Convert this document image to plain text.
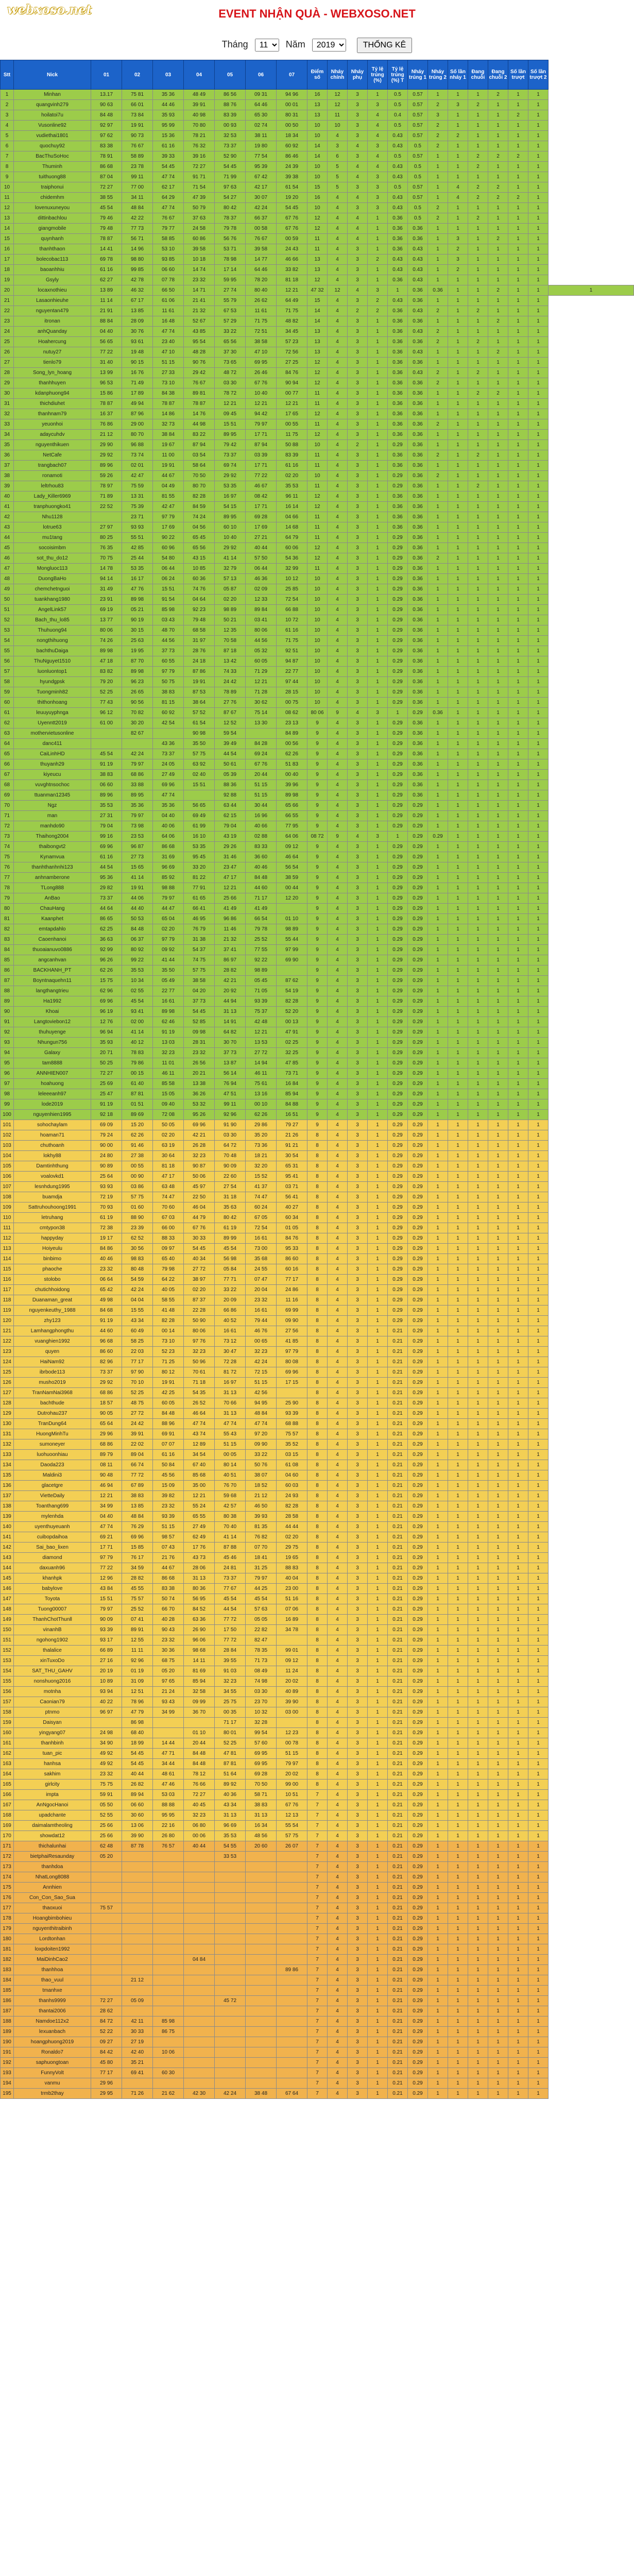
webxoso.net	EVENT NHẬN QUÀ - WEBXOSO.NET
Tháng
11	Năm
2019	THỐNG KÊ
Stt	Nick	01	02	03	04	05	06	07	Điểm số	Nháy chính	Nháy phụ	Tỷ lệ trúng (%)	Tỷ lệ trúng (%) T	Nháy trúng 1	Nháy trúng 2	Số lần nháy 1	Đang chuỗi	Đang chuỗi 2	Số lần trượt	Số lần trượt 2	
1	Minhan	13.17	75 81	35 36	48 49	86 56	09 31	94 96	16	12	3	1	0.5	0.57	1	1	1	2	1	1	
2	quangvinh279	90 63	66 01	44 46	39 91	88 76	64 46	00 01	13	12	3	3	0.5	0.57	2	3	2	1	1	1	
3	hoilatoi7u	84 48	73 84	35 93	40 98	83 39	65 30	80 31	13	11	3	4	0.4	0.57	3	1	1	1	2	1	
4	Vusonline92	92 97	19 91	95 99	70 80	00 93	02 74	00 50	10	10	3	4	0.5	0.57	2	1	1	1	1	1	
5	vudiethai1801	97 62	90 73	15 36	78 21	32 53	38 11	18 34	10	4	3	4	0.43	0.57	2	2	1	1	1	1	
6	quochuy92	83 38	76 67	61 16	76 32	73 37	19 80	60 92	14	3	4	3	0.43	0.5	2	1	1	1	1	1	
7	BacThuSoHoc	78 91	58 89	39 33	39 16	52 90	77 54	86 46	14	6	3	4	0.5	0.57	1	1	2	2	2	1	
8	Thuminh	86 68	23 78	54 45	72 27	54 45	95 39	24 39	10	5	4	4	0.43	0.5	1	1	2	1	1	1	
9	tuithuong88	87 04	99 11	47 74	91 71	71 99	67 42	39 38	10	5	4	3	0.43	0.5	1	1	1	1	1	1	
10	traiphonui	72 27	77 00	62 17	71 54	97 63	42 17	61 54	15	5	3	3	0.5	0.57	1	4	2	2	1	1	
11	chidemhm	38 55	34 11	64 29	47 39	54 27	30 07	19 20	16	4	4	3	0.43	0.57	1	4	2	2	2	1	
12	lovenuxuneyou	45 54	48 84	47 74	50 79	80 42	42 24	54 45	10	4	3	3	0.43	0.5	2	1	1	1	1	1	
13	dittinbachlou	79 46	42 22	76 67	37 63	78 37	66 37	67 76	12	4	4	1	0.36	0.5	2	1	2	1	1	1	
14	giangmobile	79 48	77 73	79 77	24 58	79 78	00 58	67 76	12	4	4	1	0.36	0.36	1	1	1	1	1	1	
15	quynhanh	78 87	56 71	58 85	60 86	56 76	76 67	00 59	11	4	4	1	0.36	0.36	1	3	1	2	1	1	
16	thanhthaon	14 41	14 96	53 10	39 58	53 71	39 58	24 43	11	4	3	1	0.36	0.43	1	2	1	1	1	1	
17	bolecobac113	69 78	98 80	93 85	10 18	78 98	14 77	46 66	13	4	3	2	0.43	0.43	1	3	1	1	1	1	
18	baoanhhiu	61 16	99 85	06 60	14 74	17 14	64 46	33 82	13	4	3	1	0.43	0.43	1	2	1	1	1	1	
19	Gsyly	62 27	42 78	07 78	23 32	59 95	78 20	81 18	12	4	3	1	0.36	0.43	1	1	1	1	1	1	
20	locaxnothieu	13 89	46 32	66 50	14 71	27 74	80 40	12 21	47 32	12	4	3	1	0.36	0.36	1	1	2	1	1	1
21	Lasaonhieuhe	11 14	67 17	61 06	21 41	55 79	26 62	64 49	15	4	3	2	0.43	0.36	1	1	1	1	1	1	
22	nguyentan479	21 91	13 85	11 61	21 32	67 53	11 61	71 75	14	4	2	2	0.36	0.43	2	1	2	1	1	1	
23	itronan	88 84	28 09	16 48	52 67	57 29	71 75	48 82	14	4	3	1	0.36	0.36	1	1	1	2	1	1	
24	anhQuanday	04 40	30 76	47 74	43 85	33 22	72 51	34 45	13	4	3	1	0.36	0.43	2	1	1	1	1	1	
25	Hoahercung	56 65	93 61	23 40	95 54	65 56	38 58	57 23	13	4	3	1	0.36	0.36	2	1	2	1	1	1	
26	nutuy27	77 22	19 48	47 10	48 28	37 30	47 10	72 56	13	4	3	1	0.36	0.43	1	1	1	2	1	1	
27	tienlo79	31 40	90 15	51 15	90 76	73 65	69 95	27 25	12	4	3	1	0.36	0.36	1	1	1	1	1	1	
28	Song_lyn_hoang	13 99	16 76	27 33	29 42	48 72	26 46	84 76	12	4	3	1	0.36	0.43	2	1	2	1	1	1	
29	thanhhuyen	96 53	71 49	73 10	76 67	03 30	67 76	90 94	12	4	3	1	0.36	0.36	2	1	1	1	1	1	
30	kdanphuong94	15 86	17 89	84 38	89 81	78 72	10 40	00 77	11	4	3	1	0.36	0.36	1	1	2	2	1	1	
31	thichdiuhet	78 87	49 94	78 87	78 87	12 21	12 21	12 21	11	4	3	1	0.36	0.36	1	1	1	1	1	1	
32	thanhnam79	16 37	87 96	14 86	14 76	09 45	94 42	17 65	12	4	3	1	0.36	0.36	1	1	1	1	1	1	
33	yeuonhoi	76 86	29 00	32 73	44 98	15 51	79 97	00 55	11	4	3	1	0.36	0.36	2	1	1	1	1	1	
34	adaycuhdv	21 12	80 70	38 84	83 22	89 95	17 71	11 75	12	4	3	1	0.36	0.36	1	1	1	1	1	1	
35	nguyenthikuen	29 90	96 88	19 67	87 94	79 42	87 94	50 88	10	4	2	1	0.29	0.36	1	1	1	1	1	1	
36	NetCafe	29 92	73 74	11 00	03 54	73 37	03 39	83 39	11	4	3	1	0.36	0.36	2	1	2	1	1	1	
37	trangbach07	89 96	02 01	19 91	58 64	69 74	17 71	61 16	11	4	3	1	0.36	0.36	1	1	1	1	1	1	
38	ronamoti	59 26	42 47	44 67	70 50	29 92	77 22	02 20	10	4	3	1	0.29	0.36	2	1	1	1	1	1	
39	leltrhou83	78 97	75 59	04 49	80 70	53 35	46 67	35 53	11	4	3	1	0.29	0.36	1	1	2	1	1	1	
40	Lady_Killer6969	71 89	13 31	81 55	82 28	16 97	08 42	96 11	12	4	3	1	0.36	0.36	1	1	1	1	1	1	
41	tranphuongko41	22 52	75 39	42 47	84 59	54 15	17 71	16 14	12	4	3	1	0.36	0.36	1	1	1	1	1	1	
42	Nhu1128		23 71	97 79	74 24	89 95	69 28	04 66	11	4	3	1	0.36	0.36	1	1	1	1	1	1	
43	lotrue63	27 97	93 93	17 69	04 56	60 10	17 69	14 68	11	4	3	1	0.36	0.36	1	1	1	1	1	1	
44	mu1tang	80 25	55 51	90 22	65 45	10 40	27 21	64 79	11	4	3	1	0.29	0.36	1	1	1	1	1	1	
45	socoisimbm	76 35	42 85	60 96	65 56	29 92	40 44	60 06	12	4	3	1	0.29	0.36	1	1	1	1	1	1	
46	sot_thu_do12	70 75	25 44	54 80	43 15	41 14	57 50	54 36	12	4	3	1	0.29	0.36	2	1	1	1	1	1	
47	Mongluoc113	14 78	53 35	06 44	10 85	32 79	06 44	32 99	11	4	3	1	0.29	0.36	1	1	1	1	1	1	
48	DuongBaHo	94 14	16 17	06 24	60 36	57 13	46 36	10 12	10	4	3	1	0.29	0.36	1	1	1	1	1	1	
49	chemchetnguoi	31 49	47 76	15 51	74 76	05 87	02 09	25 85	10	4	3	1	0.29	0.36	1	1	1	1	1	1	
50	tuankhang1980	23 91	89 98	91 54	04 64	02 20	12 33	72 54	10	4	3	1	0.29	0.36	1	1	1	1	1	1	
51	AngelLink57	69 19	05 21	85 98	92 23	98 89	89 84	66 88	10	4	3	1	0.29	0.36	1	1	1	1	1	1	
52	Bach_thu_lo85	13 77	90 19	03 43	79 48	50 21	03 41	10 72	10	4	3	1	0.29	0.36	1	1	1	1	1	1	
53	Thuhuong94	80 06	30 15	48 70	68 58	12 35	80 06	61 16	10	4	3	1	0.29	0.36	1	1	1	1	1	1	
54	nongthihuong	74 26	25 63	44 56	31 97	70 58	44 56	71 75	10	4	3	1	0.29	0.36	1	1	1	1	1	1	
55	bachthuDaiga	89 98	19 95	37 73	28 76	87 18	05 32	92 51	10	4	3	1	0.29	0.36	1	1	1	1	1	1	
56	ThuNguyet1510	47 18	87 70	60 55	24 18	13 42	60 05	94 87	10	4	3	1	0.29	0.36	1	1	1	1	1	1	
57	luonluontop1	83 82	89 98	97 79	87 86	74 33	71 29	22 77	10	4	3	1	0.29	0.36	1	1	1	1	1	1	
58	hyundgpsk	79 20	96 23	50 75	19 91	24 42	12 21	97 44	10	4	3	1	0.29	0.36	1	1	1	1	1	1	
59	Tuongminh82	52 25	26 65	38 83	87 53	78 89	71 28	28 15	10	4	3	1	0.29	0.36	1	1	1	1	1	1	
60	thithonhoang	77 43	90 56	81 15	38 64	27 76	30 62	00 75	10	4	3	1	0.29	0.36	1	1	1	1	1	1	
61	leuuyuyphnga	96 12	70 82	60 92	57 52	87 67	75 14	08 62	80 06	9	4	3	1	0.29	0.36	1	1	1	1	1	
62	Uyenntt2019	61 00	30 20	42 54	61 54	12 52	13 30	23 13	9	4	3	1	0.29	0.36	1	1	1	1	1	1	
63	mothervietusonline		82 67		90 98	59 54		84 89	9	4	3	1	0.29	0.36	1	1	1	1	1	1	
64	danc411			43 36	35 50	39 49	84 28	00 56	9	4	3	1	0.29	0.36	1	1	1	1	1	1	
65	CaiLinhHD	45 54	42 24	73 37	57 75	44 54	69 24	62 26	9	4	3	1	0.29	0.36	1	1	1	1	1	1	
66	thuyanh29	91 19	79 97	24 05	63 92	50 61	67 76	51 83	9	4	3	1	0.29	0.36	1	1	1	1	1	1	
67	kiyeucu	38 83	68 86	27 49	02 40	05 39	20 44	00 40	9	4	3	1	0.29	0.36	1	1	1	1	1	1	
68	vuvghtnsochoc	06 60	33 88	69 96	15 51	88 36	51 15	39 96	9	4	3	1	0.29	0.36	1	1	1	1	1	1	
69	ttuanman12345	89 96	89 95	47 74		92 88	51 15	89 98	9	4	3	1	0.29	0.36	1	1	1	1	1	1	
70	Ngz	35 53	35 36	35 36	56 65	63 44	30 44	65 66	9	4	3	1	0.29	0.29	1	1	1	1	1	1	
71	man	27 31	79 97	04 40	69 49	62 15	16 96	66 55	9	4	3	1	0.29	0.29	1	1	1	1	1	1	
72	manhdo90	79 04	73 98	40 06	61 99	79 04	40 66	77 95	9	4	3	1	0.29	0.29	1	1	1	1	1	1	
73	Thaihong2004	99 16	23 53	64 06	16 10	43 19	02 88	64 06	08 72	9	4	3	1	0.29	0.29	1	1	1	1	1	
74	thaibongvt2	69 96	96 87	86 68	53 35	29 26	83 33	09 12	9	4	3	1	0.29	0.29	1	1	1	1	1	1	
75	Kynamvua	61 16	27 73	31 69	95 45	31 46	36 60	46 64	9	4	3	1	0.29	0.29	1	1	1	1	1	1	
76	thanhthanhnhi123	44 54	15 65	96 69	33 20	23 47	40 46	56 54	9	4	3	1	0.29	0.29	1	1	1	1	1	1	
77	anhnamberone	95 36	41 14	85 92	81 22	47 17	84 48	38 59	9	4	3	1	0.29	0.29	1	1	1	1	1	1	
78	TLong888	29 82	19 91	98 88	77 91	12 21	44 60	00 44	9	4	3	1	0.29	0.29	1	1	1	1	1	1	
79	AnBao	73 37	44 06	79 97	61 65	25 66	71 17	12 20	9	4	3	1	0.29	0.29	1	1	1	1	1	1	
80	ChauHang	44 64	44 40	44 47	66 41	41 49	41 49		9	4	3	1	0.29	0.29	1	1	1	1	1	1	
81	Kaanphet	86 65	50 53	65 04	46 95	96 86	66 54	01 10	9	4	3	1	0.29	0.29	1	1	1	1	1	1	
82	emtapdahlo	62 25	84 48	02 20	76 79	11 46	79 78	98 89	9	4	3	1	0.29	0.29	1	1	1	1	1	1	
83	Caoenhanoi	36 63	06 37	97 79	31 38	21 32	25 52	55 44	9	4	3	1	0.29	0.29	1	1	1	1	1	1	
84	thuoaianuvo0886	92 99	80 92	09 92	54 37	37 41	77 55	97 99	9	4	3	1	0.29	0.29	1	1	1	1	1	1	
85	angcanhvan	96 26	99 22	41 44	74 75	86 97	92 22	69 90	9	4	3	1	0.29	0.29	1	1	1	1	1	1	
86	BACKHANH_PT	62 26	35 53	35 50	57 75	28 82	98 89		9	4	3	1	0.29	0.29	1	1	1	1	1	1	
87	Boyntnaquehn11	15 75	10 34	05 49	38 58	42 21	05 45	87 62	9	4	3	1	0.29	0.29	1	1	1	1	1	1	
88	langthangtrieu	62 96	02 55	22 77	04 20	20 92	71 05	54 19	9	4	3	1	0.29	0.29	1	1	1	1	1	1	
89	Ha1992	69 96	45 54	16 61	37 73	44 94	93 39	82 28	9	4	3	1	0.29	0.29	1	1	1	1	1	1	
90	Khoai	96 19	93 41	89 98	54 45	31 13	75 37	52 20	9	4	3	1	0.29	0.29	1	1	1	1	1	1	
91	Langtoviebon12	12 76	02 00	62 46	52 85	14 91	42 48	00 13	9	4	3	1	0.29	0.29	1	1	1	1	1	1	
92	thuhuyenge	96 94	41 14	91 19	09 98	64 82	12 21	47 91	9	4	3	1	0.29	0.29	1	1	1	1	1	1	
93	Nhungun756	35 93	40 12	13 03	28 31	30 70	13 53	02 25	9	4	3	1	0.29	0.29	1	1	1	1	1	1	
94	Galaxy	20 71	78 83	32 23	23 32	37 73	27 72	32 25	9	4	3	1	0.29	0.29	1	1	1	1	1	1	
95	tam8888	50 25	79 86	11 01	26 56	13 87	14 94	47 85	9	4	3	1	0.29	0.29	1	1	1	1	1	1	
96	ANNHIEN007	72 27	00 15	46 11	20 21	56 14	46 11	73 71	9	4	3	1	0.29	0.29	1	1	1	1	1	1	
97	hoahuong	25 69	61 40	85 58	13 38	76 94	75 61	16 84	9	4	3	1	0.29	0.29	1	1	1	1	1	1	
98	leleeeanh97	25 47	87 81	15 05	36 26	47 51	13 16	85 94	9	4	3	1	0.29	0.29	1	1	1	1	1	1	
99	lode2019	91 19	01 51	09 40	53 32	99 11	00 10	84 88	9	4	3	1	0.29	0.29	1	1	1	1	1	1	
100	nguyenhien1995	92 18	89 69	72 08	95 26	92 96	62 26	16 51	9	4	3	1	0.29	0.29	1	1	1	1	1	1	
101	sohochaylam	69 09	15 20	50 05	69 96	91 90	29 86	79 27	9	4	3	1	0.29	0.29	1	1	1	1	1	1	
102	hoaman71	79 24	62 26	02 20	42 21	03 30	35 20	21 26	8	4	3	1	0.29	0.29	1	1	1	1	1	1	
103	chuthoanh	90 00	91 46	63 19	26 28	64 72	73 36	91 21	8	4	3	1	0.29	0.29	1	1	1	1	1	1	
104	lokhy88	24 80	27 38	30 64	32 23	70 48	18 21	30 54	8	4	3	1	0.29	0.29	1	1	1	1	1	1	
105	Damtinhthung	90 89	00 55	81 18	90 87	90 09	32 20	65 31	8	4	3	1	0.29	0.29	1	1	1	1	1	1	
106	voalovkd1	25 64	00 90	47 17	50 06	22 60	15 52	95 41	8	4	3	1	0.29	0.29	1	1	1	1	1	1	
107	lesnhdung1995	93 93	03 86	63 48	45 97	27 54	41 37	03 71	8	4	3	1	0.29	0.29	1	1	1	1	1	1	
108	buamdja	72 19	57 75	74 47	22 50	31 18	74 47	56 41	8	4	3	1	0.29	0.29	1	1	1	1	1	1	
109	Sattruhouhoong1991	70 93	01 60	70 60	46 04	35 63	60 24	40 27	8	4	3	1	0.29	0.29	1	1	1	1	1	1	
110	letruhang	61 19	88 90	67 03	44 79	80 42	67 05	60 34	8	4	3	1	0.29	0.29	1	1	1	1	1	1	
111	cmtypon38	72 38	23 39	66 00	67 76	61 19	72 54	01 05	8	4	3	1	0.29	0.29	1	1	1	1	1	1	
112	happyday	19 17	62 52	88 33	30 33	89 99	16 61	84 76	8	4	3	1	0.29	0.29	1	1	1	1	1	1	
113	Hoiyeulu	84 86	30 56	09 97	54 45	45 54	73 00	95 33	8	4	3	1	0.29	0.29	1	1	1	1	1	1	
114	binbimo	40 46	98 83	65 40	40 34	56 98	35 68	86 60	8	4	3	1	0.29	0.29	1	1	1	1	1	1	
115	phaoche	23 32	80 48	79 98	27 72	05 84	24 55	60 16	8	4	3	1	0.29	0.29	1	1	1	1	1	1	
116	stolobo	06 64	54 59	64 22	38 97	77 71	07 47	77 17	8	4	3	1	0.29	0.29	1	1	1	1	1	1	
117	chutichhoidong	65 42	42 24	40 05	02 20	33 22	20 04	24 86	8	4	3	1	0.29	0.29	1	1	1	1	1	1	
118	Duanaman_great	49 98	04 04	58 55	87 37	20 09	23 32	11 16	8	4	3	1	0.29	0.29	1	1	1	1	1	1	
119	nguyenkeuthy_1988	84 68	15 55	41 48	22 28	66 86	16 61	69 99	8	4	3	1	0.29	0.29	1	1	1	1	1	1	
120	zhy123	91 19	43 34	82 28	50 90	40 52	79 44	09 90	8	4	3	1	0.29	0.29	1	1	1	1	1	1	
121	Lamhangphongthu	44 60	60 49	00 14	80 06	16 61	46 76	27 56	8	4	3	1	0.21	0.29	1	1	1	1	1	1	
122	vuanghien1992	96 68	58 25	73 10	97 76	73 12	00 65	41 85	8	4	3	1	0.21	0.29	1	1	1	1	1	1	
123	quyen	86 60	22 03	52 23	32 23	30 47	32 23	97 79	8	4	3	1	0.21	0.29	1	1	1	1	1	1	
124	HaiNam92	82 96	77 17	71 25	50 96	72 28	42 24	80 08	8	4	3	1	0.21	0.29	1	1	1	1	1	1	
125	ibrbode113	73 37	97 90	80 12	70 61	81 72	72 15	69 96	8	4	3	1	0.21	0.29	1	1	1	1	1	1	
126	musho2019	29 92	70 10	19 91	71 18	16 97	51 15	17 15	8	4	3	1	0.21	0.29	1	1	1	1	1	1	
127	TranNamNai3968	68 86	52 25	42 25	54 35	31 13	42 56		8	4	3	1	0.21	0.29	1	1	1	1	1	1	
128	bachthude	18 57	48 75	60 05	26 52	70 66	94 95	25 90	8	4	3	1	0.21	0.29	1	1	1	1	1	1	
129	Dutrohau237	90 05	27 72	84 48	46 64	31 13	48 84	93 39	8	4	3	1	0.21	0.29	1	1	1	1	1	1	
130	TranDung64	65 64	24 42	88 96	47 74	47 74	47 74	68 88	8	4	3	1	0.21	0.29	1	1	1	1	1	1	
131	HuongMinhTu	29 96	39 91	69 91	43 74	55 43	97 20	75 57	8	4	3	1	0.21	0.29	1	1	1	1	1	1	
132	sumoneyer	68 86	22 02	07 07	12 89	51 15	09 90	35 52	8	4	3	1	0.21	0.29	1	1	1	1	1	1	
133	luohuoonhiau	89 79	89 04	61 16	34 54	00 05	33 22	03 15	8	4	3	1	0.21	0.29	1	1	1	1	1	1	
134	Daoda223	08 11	66 74	50 84	67 40	80 14	50 76	61 08	8	4	3	1	0.21	0.29	1	1	1	1	1	1	
135	Maldini3	90 48	77 72	45 56	85 68	40 51	38 07	04 60	8	4	3	1	0.21	0.29	1	1	1	1	1	1	
136	glacetgre	46 94	67 89	15 09	35 00	76 70	18 52	60 03	8	4	3	1	0.21	0.29	1	1	1	1	1	1	
137	VietteDaily	12 21	38 83	39 82	12 21	59 68	21 12	24 93	8	4	3	1	0.21	0.29	1	1	1	1	1	1	
138	Toanthang699	34 99	13 85	23 32	55 24	42 57	46 50	82 28	8	4	3	1	0.21	0.29	1	1	1	1	1	1	
139	mylenhda	04 40	48 84	93 39	65 55	80 38	39 93	28 58	8	4	3	1	0.21	0.29	1	1	1	1	1	1	
140	uyenthuyeuanh	47 74	76 29	51 15	27 49	70 40	81 35	44 44	8	4	3	1	0.21	0.29	1	1	1	1	1	1	
141	cuibopdaihoa	69 21	69 96	98 57	62 49	41 14	76 82	02 20	8	4	3	1	0.21	0.29	1	1	1	1	1	1	
142	Sai_bao_lixen	17 71	15 85	07 43	17 76	87 88	07 70	29 75	8	4	3	1	0.21	0.29	1	1	1	1	1	1	
143	diamond	97 79	76 17	21 76	43 73	45 46	18 41	19 65	8	4	3	1	0.21	0.29	1	1	1	1	1	1	
144	daxuanh96	77 22	34 59	44 67	28 06	24 81	31 25	88 83	8	4	3	1	0.21	0.29	1	1	1	1	1	1	
145	khanhpk	12 96	28 82	86 68	31 13	73 37	79 97	40 04	8	4	3	1	0.21	0.29	1	1	1	1	1	1	
146	babylove	43 84	45 55	83 38	80 36	77 67	44 25	23 00	8	4	3	1	0.21	0.29	1	1	1	1	1	1	
147	Toyota	15 51	75 57	50 74	56 95	45 54	45 54	51 16	8	4	3	1	0.21	0.29	1	1	1	1	1	1	
148	Tuong00007	79 97	25 52	66 70	84 52	44 54	57 63	07 06	8	4	3	1	0.21	0.29	1	1	1	1	1	1	
149	ThanhChotThunll	90 09	07 41	40 28	63 36	77 72	05 05	16 89	8	4	3	1	0.21	0.29	1	1	1	1	1	1	
150	vinanhB	93 39	89 91	90 43	26 90	17 50	22 82	34 78	8	4	3	1	0.21	0.29	1	1	1	1	1	1	
151	ngohong1902	93 17	12 55	23 32	96 06	77 72	82 47		8	4	3	1	0.21	0.29	1	1	1	1	1	1	
152	thalalice	66 89	11 11	30 36	98 68	28 84	78 35	99 01	8	4	3	1	0.21	0.29	1	1	1	1	1	1	
153	xinTuxoDo	27 16	92 96	68 75	14 11	39 55	71 73	09 12	8	4	3	1	0.21	0.29	1	1	1	1	1	1	
154	SAT_THU_GAHV	20 19	01 19	05 20	81 69	91 03	08 49	11 24	8	4	3	1	0.21	0.29	1	1	1	1	1	1	
155	nonshuong2016	10 89	31 09	97 65	85 94	32 23	74 98	20 02	8	4	3	1	0.21	0.29	1	1	1	1	1	1	
156	motnha	93 94	12 51	21 24	32 58	34 55	03 30	40 89	8	4	3	1	0.21	0.29	1	1	1	1	1	1	
157	Caonian79	40 22	78 96	93 43	09 99	25 75	23 70	39 90	8	4	3	1	0.21	0.29	1	1	1	1	1	1	
158	ptnmo	96 97	47 79	34 99	36 70	00 35	10 32	03 00	8	4	3	1	0.21	0.29	1	1	1	1	1	1	
159	Daisyan		86 98			71 17	32 28		8	4	3	1	0.21	0.29	1	1	1	1	1	1	
160	yingyang07	24 98	68 40		01 10	80 01	99 54	12 23	8	4	3	1	0.21	0.29	1	1	1	1	1	1	
161	thanhbinh	34 90	18 99	14 44	20 44	52 25	57 60	00 78	8	4	3	1	0.21	0.29	1	1	1	1	1	1	
162	tuan_pic	49 92	54 45	47 71	84 48	47 81	69 95	51 15	8	4	3	1	0.21	0.29	1	1	1	1	1	1	
163	hanhsa	49 92	54 45	34 44	84 48	87 81	69 95	79 97	8	4	3	1	0.21	0.29	1	1	1	1	1	1	
164	sakhim	23 32	40 44	48 61	78 12	51 64	69 28	20 02	8	4	3	1	0.21	0.29	1	1	1	1	1	1	
165	girlcity	75 75	26 82	47 46	76 66	89 92	70 50	99 00	8	4	3	1	0.21	0.29	1	1	1	1	1	1	
166	impta	59 91	89 94	53 03	72 27	40 36	58 71	10 51	7	4	3	1	0.21	0.29	1	1	1	1	1	1	
167	AnNgocHanoi	05 50	06 60	88 88	40 45	43 34	38 83	67 76	7	4	3	1	0.21	0.29	1	1	1	1	1	1	
168	upadchante	52 55	30 60	95 95	32 23	31 13	31 13	12 13	7	4	3	1	0.21	0.29	1	1	1	1	1	1	
169	daimalamtheoling	25 66	13 06	22 16	06 80	96 69	16 34	55 54	7	4	3	1	0.21	0.29	1	1	1	1	1	1	
170	showdat12	25 66	39 90	26 80	00 06	35 53	48 56	57 75	7	4	3	1	0.21	0.29	1	1	1	1	1	1	
171	thichalunhai	62 48	87 78	76 57	40 44	54 55	20 60	26 07	7	4	3	1	0.21	0.29	1	1	1	1	1	1	
172	bietphaiResaunday	05 20				33 53			7	4	3	1	0.21	0.29	1	1	1	1	1	1	
173	thanhdoa								7	4	3	1	0.21	0.29	1	1	1	1	1	1	
174	NhatLong8088								7	4	3	1	0.21	0.29	1	1	1	1	1	1	
175	Annhien								7	4	3	1	0.21	0.29	1	1	1	1	1	1	
176	Con_Con_Sao_Sua								7	4	3	1	0.21	0.29	1	1	1	1	1	1	
177	thaoxuoi	75 57							7	4	3	1	0.21	0.29	1	1	1	1	1	1	
178	Hoangbimbohieu								7	4	3	1	0.21	0.29	1	1	1	1	1	1	
179	nguyenthitraibinh								7	4	3	1	0.21	0.29	1	1	1	1	1	1	
180	Lordtonhan								7	4	3	1	0.21	0.29	1	1	1	1	1	1	
181	loxpdoiten1992								7	4	3	1	0.21	0.29	1	1	1	1	1	1	
182	MaiDinhCao2				04 84				7	4	3	1	0.21	0.29	1	1	1	1	1	1	
183	thanhhoa							89 86	7	4	3	1	0.21	0.29	1	1	1	1	1	1	
184	thao_vuul		21 12						7	4	3	1	0.21	0.29	1	1	1	1	1	1	
185	tmanhxe								7	4	3	1	0.21	0.29	1	1	1	1	1	1	
186	thanhs9999	72 27	05 09			45 72			7	4	3	1	0.21	0.29	1	1	1	1	1	1	
187	thantai2006	28 62							7	4	3	1	0.21	0.29	1	1	1	1	1	1	
188	Namdoe112x2	84 72	42 11	85 98					7	4	3	1	0.21	0.29	1	1	1	1	1	1	
189	lexuanbach	52 22	30 33	86 75					7	4	3	1	0.21	0.29	1	1	1	1	1	1	
190	hoangphuong2019	09 27	27 19						7	4	3	1	0.21	0.29	1	1	1	1	1	1	
191	Ronaldo7	84 42	42 40	10 06					7	4	3	1	0.21	0.29	1	1	1	1	1	1	
192	saphuongtoan	45 80	35 21						7	4	3	1	0.21	0.29	1	1	1	1	1	1	
193	FunnyVolt	77 17	69 41	60 30					7	4	3	1	0.21	0.29	1	1	1	1	1	1	
194	vanmu	29 96							7	4	3	1	0.21	0.29	1	1	1	1	1	1	
195	trmb2thay	29 95	71 26	21 62	42 30	42 24	38 48	67 64	7	4	3	1	0.21	0.29	1	1	1	1	1	1	
